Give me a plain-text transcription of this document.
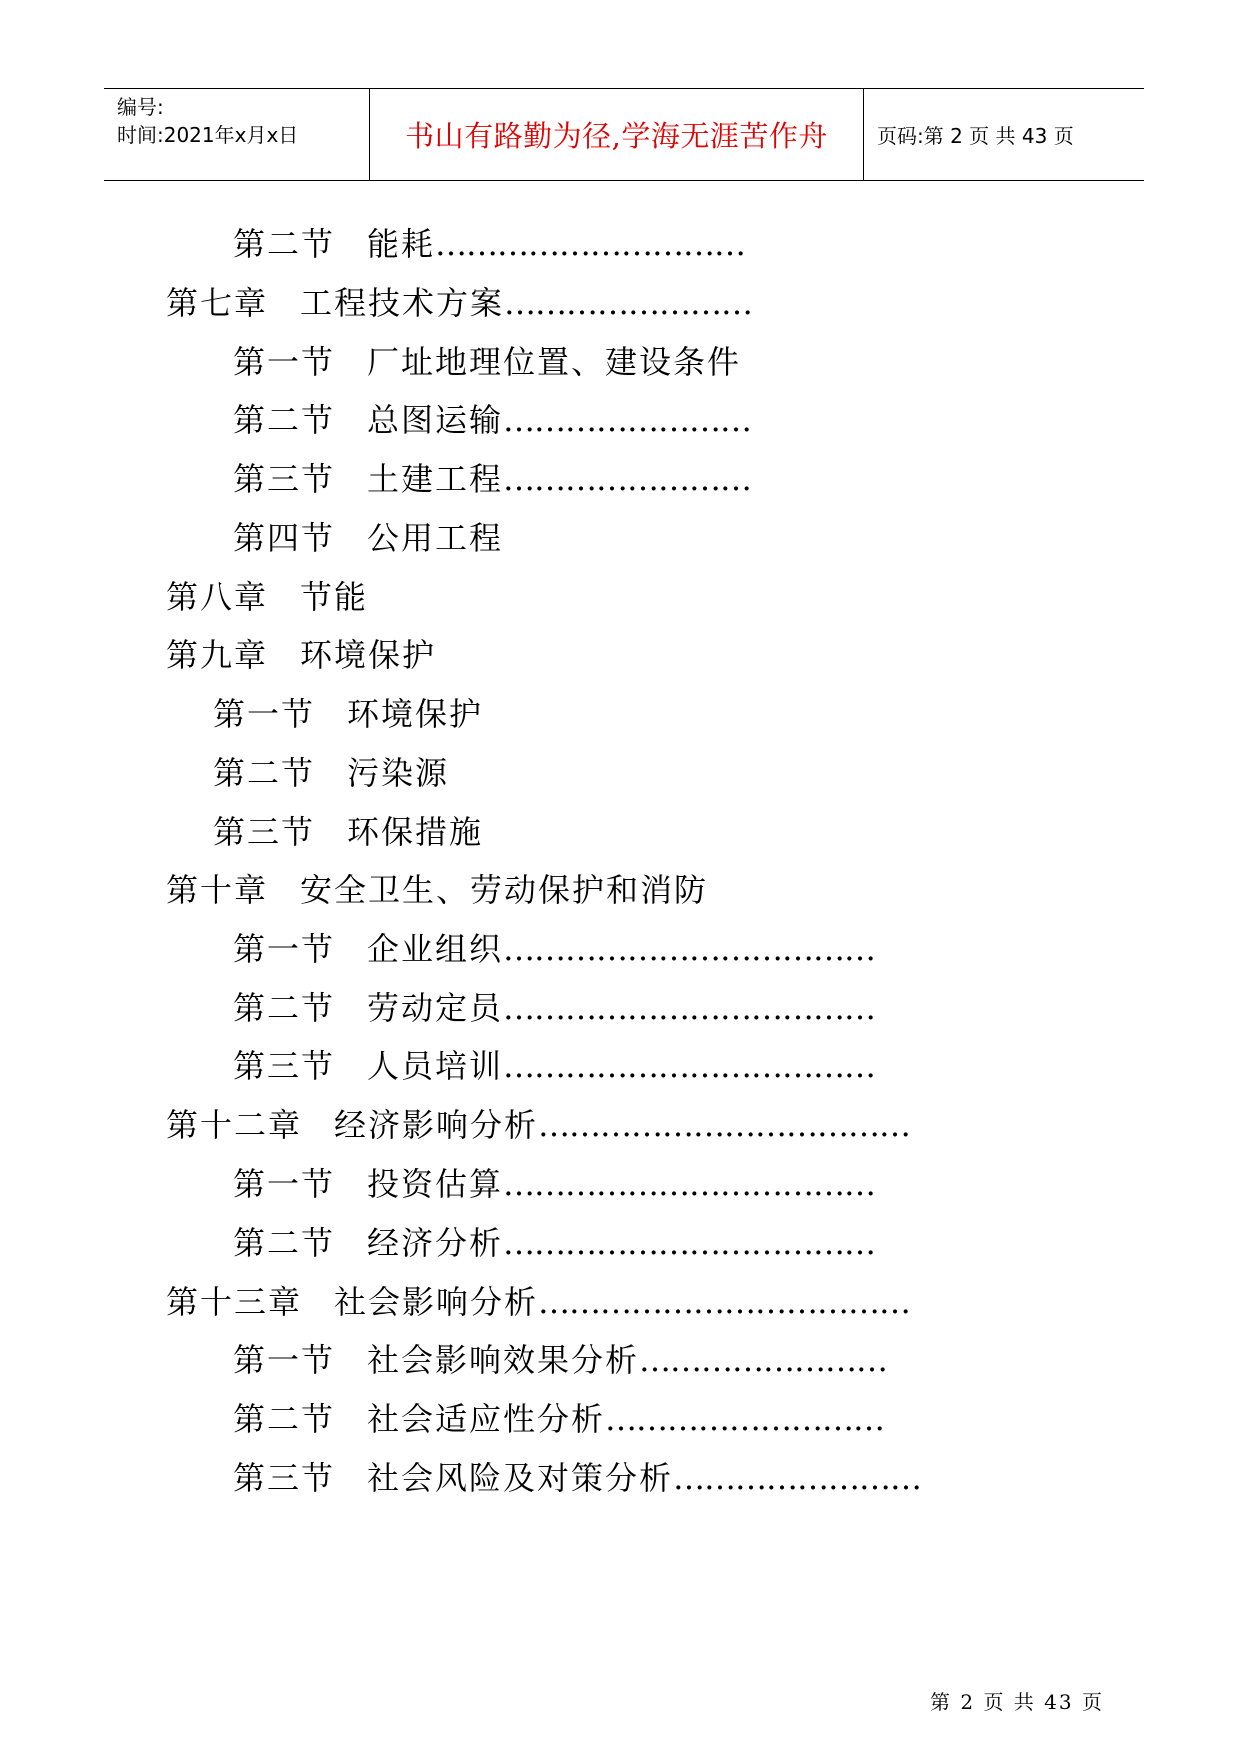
编号:
时间:2021年x月x日	书山有路勤为径,学海无涯苦作舟 页码:第 2 页 共 43 页
第二节 能耗…………………………
第七章 工程技术方案……………………
第一节 厂址地理位置、建设条件
第二节 总图运输……………………
第三节 土建工程……………………
第四节 公用工程
第八章 节能
第九章 环境保护
第一节 环境保护
第二节 污染源
第三节 环保措施
第十章 安全卫生、劳动保护和消防
第一节 企业组织………………………………
第二节 劳动定员………………………………
第三节 人员培训………………………………
第十二章 经济影响分析………………………………
第一节 投资估算………………………………
第二节 经济分析………………………………
第十三章 社会影响分析………………………………
第一节 社会影响效果分析……………………
第二节 社会适应性分析………………………
第三节 社会风险及对策分析……………………
第 2 页 共 43 页
